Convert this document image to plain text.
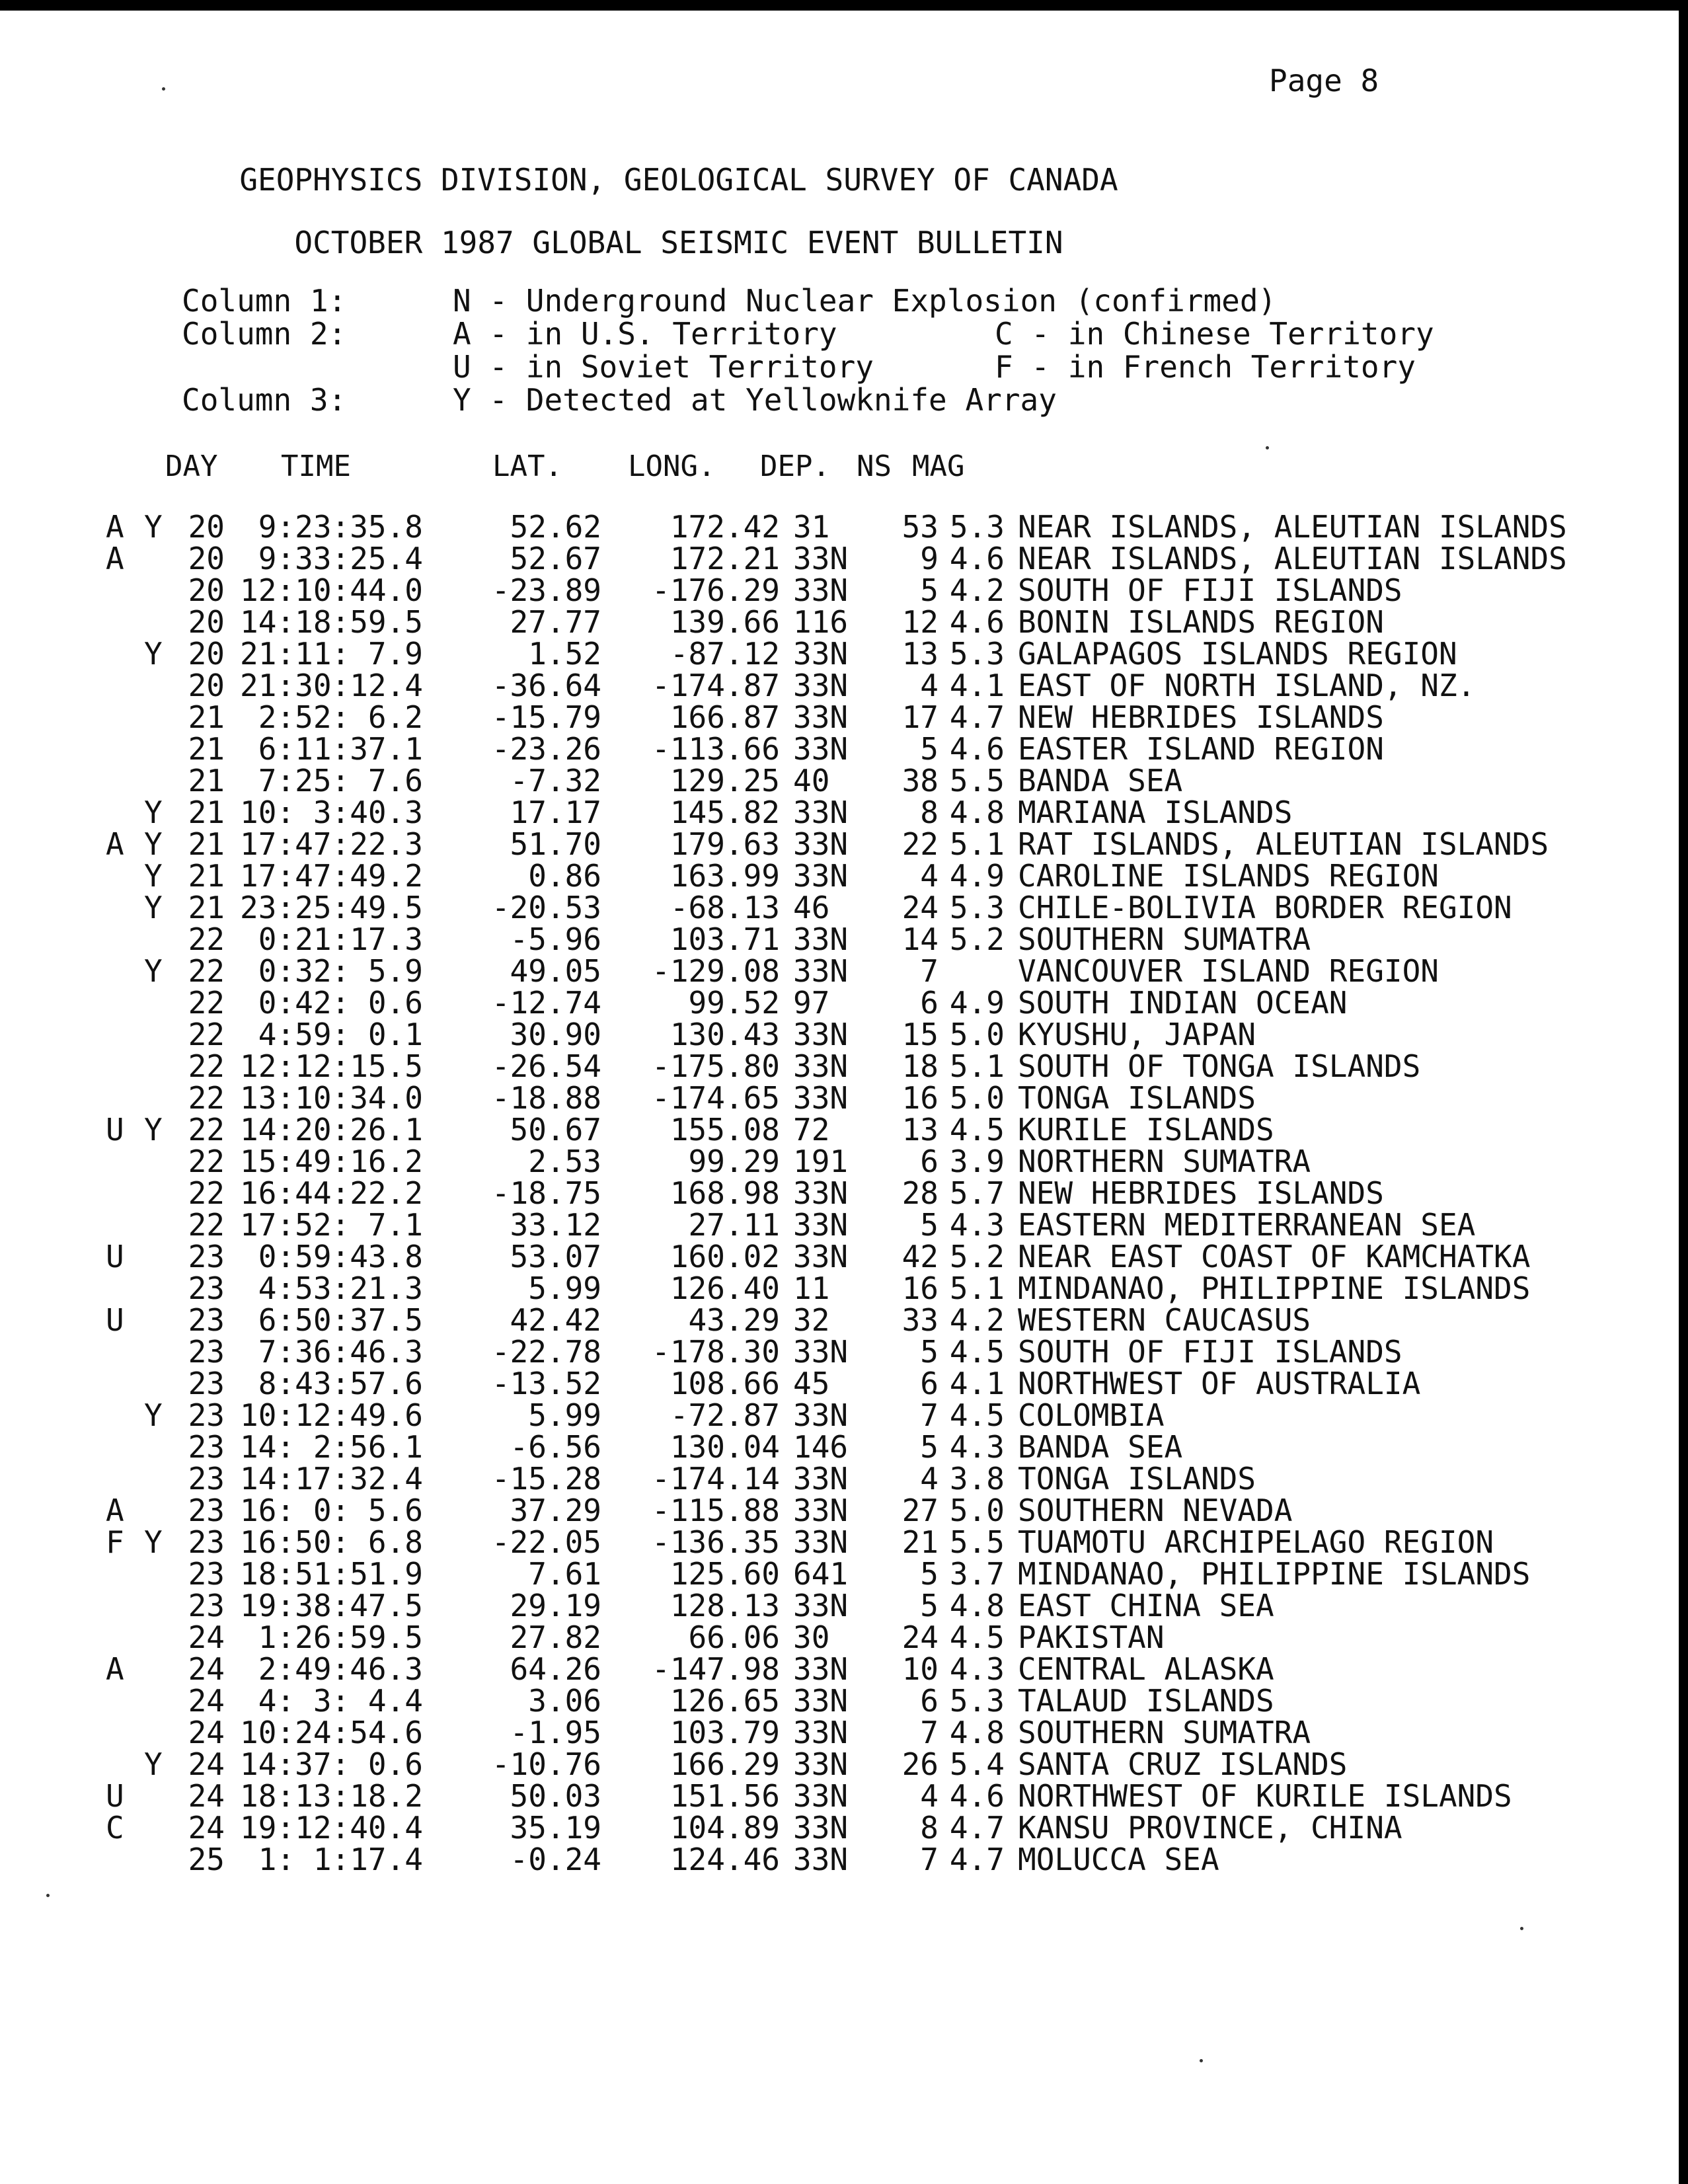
Page 8
GEOPHYSICS DIVISION, GEOLOGICAL SURVEY OF CANADA
OCTOBER 1987 GLOBAL SEISMIC EVENT BULLETIN
Column 1:	N - Underground Nuclear Explosion (confirmed)
Column 2:	A - in U.S. Territory	C - in Chinese Territory
U - in Soviet Territory	F - in French Territory
Column 3:	Y - Detected at Yellowknife Array
DAY TIME	LAT. LONG. DEP. NS MAG
A Y 20	9:23:35.8	52.62	172.42 31	53 5.3 NEAR ISLANDS, ALEUTIAN ISLANDS
A	20	9:33:25.4	52.67	172.21 33N	9 4.6 NEAR ISLANDS, ALEUTIAN ISLANDS
20 12:10:44.0	-23.89	-176.29 33N	5 4.2 SOUTH OF FIJI ISLANDS
20 14:18:59.5	27.77	139.66 116	12 4.6 BONIN ISLANDS REGION
Y 20 21:11: 7.9	1.52	-87.12 33N	13 5.3 GALAPAGOS ISLANDS REGION
20 21:30:12.4	-36.64	-174.87 33N	4 4.1 EAST OF NORTH ISLAND, NZ.
21	2:52: 6.2	-15.79	166.87 33N	17 4.7 NEW HEBRIDES ISLANDS
21	6:11:37.1	-23.26	-113.66 33N	5 4.6 EASTER ISLAND REGION
21	7:25: 7.6	-7.32	129.25 40	38 5.5 BANDA SEA
Y 21 10: 3:40.3	17.17	145.82 33N	8 4.8 MARIANA ISLANDS
A Y 21 17:47:22.3	51.70	179.63 33N	22 5.1 RAT ISLANDS, ALEUTIAN ISLANDS
Y 21 17:47:49.2	0.86	163.99 33N	4 4.9 CAROLINE ISLANDS REGION
Y 21 23:25:49.5	-20.53	-68.13 46	24 5.3 CHILE-BOLIVIA BORDER REGION
22	0:21:17.3	-5.96	103.71 33N	14 5.2 SOUTHERN SUMATRA
Y 22	0:32: 5.9	49.05	-129.08 33N	7	VANCOUVER ISLAND REGION
22	0:42: 0.6	-12.74	99.52 97	6 4.9 SOUTH INDIAN OCEAN
22	4:59: 0.1	30.90	130.43 33N	15 5.0 KYUSHU, JAPAN
22 12:12:15.5	-26.54	-175.80 33N	18 5.1 SOUTH OF TONGA ISLANDS
22 13:10:34.0	-18.88	-174.65 33N	16 5.0 TONGA ISLANDS
U Y 22 14:20:26.1	50.67	155.08 72	13 4.5 KURILE ISLANDS
22 15:49:16.2	2.53	99.29 191	6 3.9 NORTHERN SUMATRA
22 16:44:22.2	-18.75	168.98 33N	28 5.7 NEW HEBRIDES ISLANDS
22 17:52: 7.1	33.12	27.11 33N	5 4.3 EASTERN MEDITERRANEAN SEA
U	23	0:59:43.8	53.07	160.02 33N	42 5.2 NEAR EAST COAST OF KAMCHATKA
23	4:53:21.3	5.99	126.40 11	16 5.1 MINDANAO, PHILIPPINE ISLANDS
U	23	6:50:37.5	42.42	43.29 32	33 4.2 WESTERN CAUCASUS
23	7:36:46.3	-22.78	-178.30 33N	5 4.5 SOUTH OF FIJI ISLANDS
23	8:43:57.6	-13.52	108.66 45	6 4.1 NORTHWEST OF AUSTRALIA
Y 23 10:12:49.6	5.99	-72.87 33N	7 4.5 COLOMBIA
23 14: 2:56.1	-6.56	130.04 146	5 4.3 BANDA SEA
23 14:17:32.4	-15.28	-174.14 33N	4 3.8 TONGA ISLANDS
A	23 16: 0: 5.6	37.29	-115.88 33N	27 5.0 SOUTHERN NEVADA
F Y 23 16:50: 6.8	-22.05	-136.35 33N	21 5.5 TUAMOTU ARCHIPELAGO REGION
23 18:51:51.9	7.61	125.60 641	5 3.7 MINDANAO, PHILIPPINE ISLANDS
23 19:38:47.5	29.19	128.13 33N	5 4.8 EAST CHINA SEA
24	1:26:59.5	27.82	66.06 30	24 4.5 PAKISTAN
A	24	2:49:46.3	64.26	-147.98 33N	10 4.3 CENTRAL ALASKA
24	4: 3: 4.4	3.06	126.65 33N	6 5.3 TALAUD ISLANDS
24 10:24:54.6	-1.95	103.79 33N	7 4.8 SOUTHERN SUMATRA
Y 24 14:37: 0.6	-10.76	166.29 33N	26 5.4 SANTA CRUZ ISLANDS
U	24 18:13:18.2	50.03	151.56 33N	4 4.6 NORTHWEST OF KURILE ISLANDS
C	24 19:12:40.4	35.19	104.89 33N	8 4.7 KANSU PROVINCE, CHINA
25	1: 1:17.4	-0.24	124.46 33N	7 4.7 MOLUCCA SEA
